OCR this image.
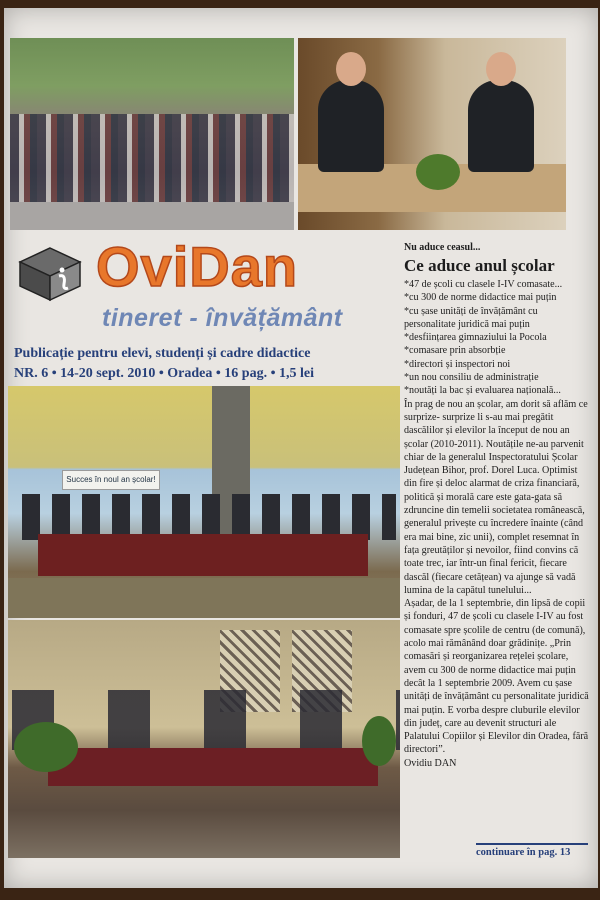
OviDan
tineret - învățământ
Publicație pentru elevi, studenți și cadre didactice
NR. 6 • 14-20 sept. 2010 • Oradea • 16 pag. • 1,5 lei
Succes în noul an școlar!

Nu aduce ceasul...

Ce aduce anul școlar

*47 de școli cu clasele I-IV comasate...

*cu 300 de norme didactice mai puțin

*cu șase unități de învățământ cu personalitate juridică mai puțin

*desființarea gimnaziului la Pocola

*comasare prin absorbție

*directori și inspectori noi

*un nou consiliu de administrație

*noutăți la bac și evaluarea națională...

În prag de nou an școlar, am dorit să aflăm ce surprize- surprize li s-au mai pregătit dascălilor și elevilor la început de nou an școlar (2010-2011). Noutățile ne-au parvenit chiar de la generalul Inspectoratului Școlar Județean Bihor, prof. Dorel Luca. Optimist din fire și deloc alarmat de criza financiară, politică și morală care este gata-gata să zdruncine din temelii societatea românească, generalul privește cu încredere înainte (când era mai bine, zic unii), complet resemnat în fața greutăților și nevoilor, fiind convins că toate trec, iar într-un final fericit, fiecare dascăl (fiecare cetățean) va ajunge să vadă lumina de la capătul tunelului...

Așadar, de la 1 septembrie, din lipsă de copii și fonduri, 47 de școli cu clasele I-IV au fost comasate spre școlile de centru (de comună), acolo mai rămânând doar grădinițe. „Prin comasări și reorganizarea rețelei școlare, avem cu 300 de norme didactice mai puțin decât la 1 septembrie 2009. Avem cu șase unități de învățământ cu personalitate juridică mai puțin. E vorba despre cluburile elevilor din județ, care au devenit structuri ale Palatului Copiilor și Elevilor din Oradea, fără directori”.

Ovidiu DAN

continuare în pag. 13
